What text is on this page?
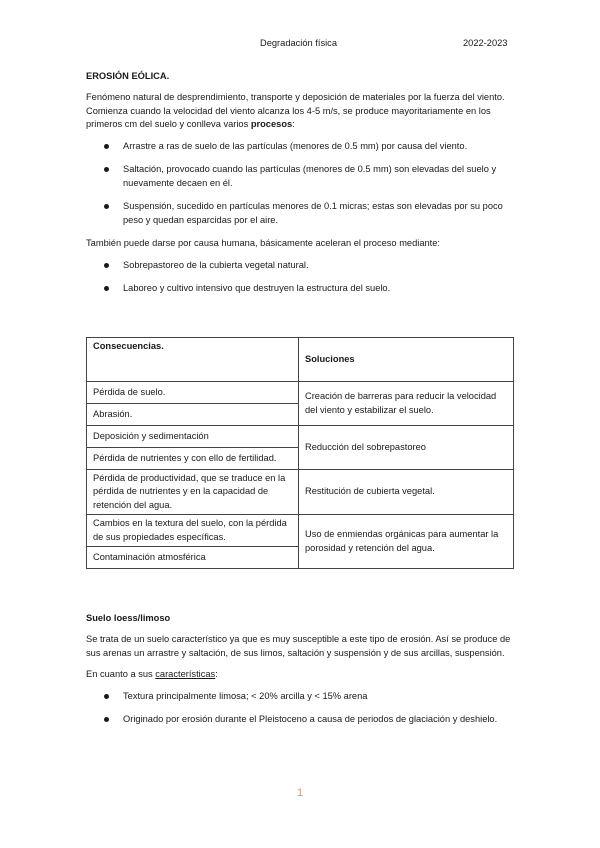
Degradación física	2022-2023

EROSIÓN EÓLICA.

Fenómeno natural de desprendimiento, transporte y deposición de materiales por la fuerza del viento. Comienza cuando la velocidad del viento alcanza los 4-5 m/s, se produce mayoritariamente en los primeros cm del suelo y conlleva varios procesos:

Arrastre a ras de suelo de las partículas (menores de 0.5 mm) por causa del viento.
Saltación, provocado cuando las partículas (menores de 0.5 mm) son elevadas del suelo y nuevamente decaen en él.
Suspensión, sucedido en partículas menores de 0.1 micras; estas son elevadas por su poco peso y quedan esparcidas por el aire.

También puede darse por causa humana, básicamente aceleran el proceso mediante:

Sobrepastoreo de la cubierta vegetal natural.
Laboreo y cultivo intensivo que destruyen la estructura del suelo.
Consecuencias.	Soluciones
Pérdida de suelo.	Creación de barreras para reducir la velocidad del viento y estabilizar el suelo.
Abrasión.	
Deposición y sedimentación	Reducción del sobrepastoreo
Pérdida de nutrientes y con ello de fertilidad.	
Pérdida de productividad, que se traduce en la pérdida de nutrientes y en la capacidad de retención del agua.	Restitución de cubierta vegetal.
Cambios en la textura del suelo, con la pérdida de sus propiedades específicas.	Uso de enmiendas orgánicas para aumentar la porosidad y retención del agua.
Contaminación atmosférica	

Suelo loess/limoso

Se trata de un suelo característico ya que es muy susceptible a este tipo de erosión. Así se produce de sus arenas un arrastre y saltación, de sus limos, saltación y suspensión y de sus arcillas, suspensión.

En cuanto a sus características:

Textura principalmente limosa; < 20% arcilla y < 15% arena
Originado por erosión durante el Pleistoceno a causa de periodos de glaciación y deshielo.
1
